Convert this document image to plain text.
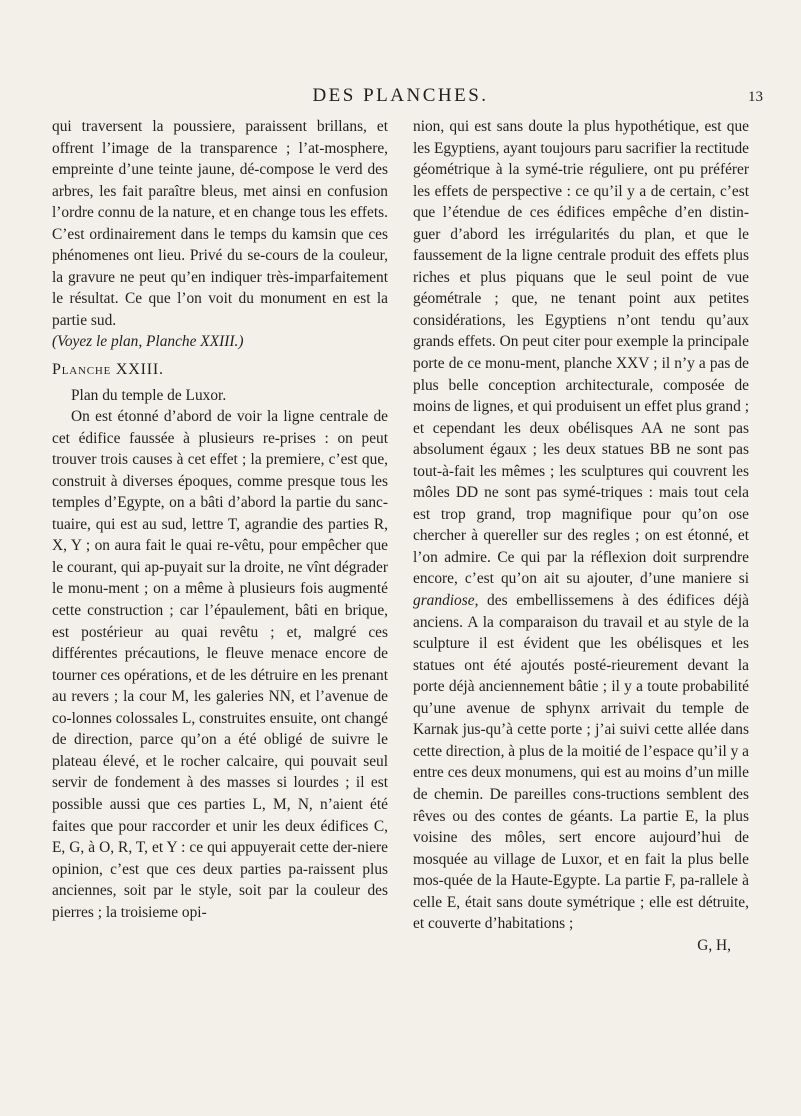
DES PLANCHES.	13

qui traversent la poussiere, paraissent brillans, et offrent l’image de la transparence ; l’at-mosphere, empreinte d’une teinte jaune, dé-compose le verd des arbres, les fait paraître bleus, met ainsi en confusion l’ordre connu de la nature, et en change tous les effets. C’est ordinairement dans le temps du kamsin que ces phénomenes ont lieu. Privé du se-cours de la couleur, la gravure ne peut qu’en indiquer très-imparfaitement le résultat. Ce que l’on voit du monument en est la partie sud.

(Voyez le plan, Planche XXIII.)

Planche XXIII.

Plan du temple de Luxor.

On est étonné d’abord de voir la ligne centrale de cet édifice faussée à plusieurs re-prises : on peut trouver trois causes à cet effet ; la premiere, c’est que, construit à diverses époques, comme presque tous les temples d’Egypte, on a bâti d’abord la partie du sanc-tuaire, qui est au sud, lettre T, agrandie des parties R, X, Y ; on aura fait le quai re-vêtu, pour empêcher que le courant, qui ap-puyait sur la droite, ne vînt dégrader le monu-ment ; on a même à plusieurs fois augmenté cette construction ; car l’épaulement, bâti en brique, est postérieur au quai revêtu ; et, malgré ces différentes précautions, le fleuve menace encore de tourner ces opérations, et de les détruire en les prenant au revers ; la cour M, les galeries NN, et l’avenue de co-lonnes colossales L, construites ensuite, ont changé de direction, parce qu’on a été obligé de suivre le plateau élevé, et le rocher calcaire, qui pouvait seul servir de fondement à des masses si lourdes ; il est possible aussi que ces parties L, M, N, n’aient été faites que pour raccorder et unir les deux édifices C, E, G, à O, R, T, et Y : ce qui appuyerait cette der-niere opinion, c’est que ces deux parties pa-raissent plus anciennes, soit par le style, soit par la couleur des pierres ; la troisieme opi-

nion, qui est sans doute la plus hypothétique, est que les Egyptiens, ayant toujours paru sacrifier la rectitude géométrique à la symé-trie réguliere, ont pu préférer les effets de perspective : ce qu’il y a de certain, c’est que l’étendue de ces édifices empêche d’en distin-guer d’abord les irrégularités du plan, et que le faussement de la ligne centrale produit des effets plus riches et plus piquans que le seul point de vue géométrale ; que, ne tenant point aux petites considérations, les Egyptiens n’ont tendu qu’aux grands effets. On peut citer pour exemple la principale porte de ce monu-ment, planche XXV ; il n’y a pas de plus belle conception architecturale, composée de moins de lignes, et qui produisent un effet plus grand ; et cependant les deux obélisques AA ne sont pas absolument égaux ; les deux statues BB ne sont pas tout-à-fait les mêmes ; les sculptures qui couvrent les môles DD ne sont pas symé-triques : mais tout cela est trop grand, trop magnifique pour qu’on ose chercher à quereller sur des regles ; on est étonné, et l’on admire. Ce qui par la réflexion doit surprendre encore, c’est qu’on ait su ajouter, d’une maniere si grandiose, des embellissemens à des édifices déjà anciens. A la comparaison du travail et au style de la sculpture il est évident que les obélisques et les statues ont été ajoutés posté-rieurement devant la porte déjà anciennement bâtie ; il y a toute probabilité qu’une avenue de sphynx arrivait du temple de Karnak jus-qu’à cette porte ; j’ai suivi cette allée dans cette direction, à plus de la moitié de l’espace qu’il y a entre ces deux monumens, qui est au moins d’un mille de chemin. De pareilles cons-tructions semblent des rêves ou des contes de géants. La partie E, la plus voisine des môles, sert encore aujourd’hui de mosquée au village de Luxor, et en fait la plus belle mos-quée de la Haute-Egypte. La partie F, pa-rallele à celle E, était sans doute symétrique ; elle est détruite, et couverte d’habitations ;

G, H,
